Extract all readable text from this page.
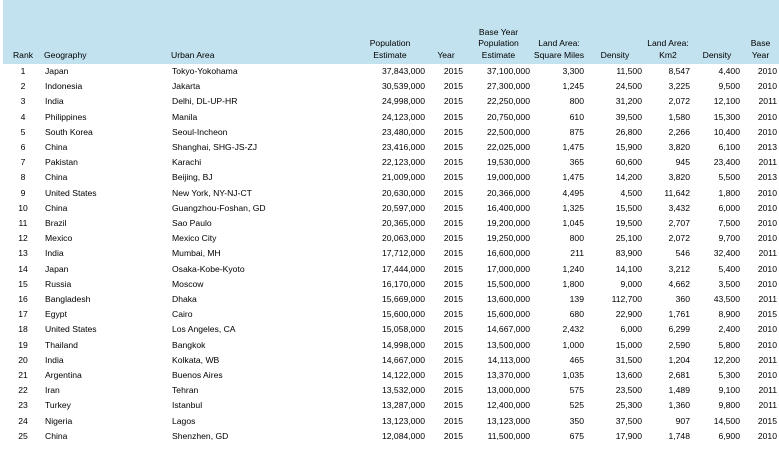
Rank	Geography	Urban Area	Population Estimate	Year	Base Year Population Estimate	Land Area: Square Miles	Density	Land Area: Km2	Density	Base Year
1	Japan	Tokyo-Yokohama	37,843,000	2015	37,100,000	3,300	11,500	8,547	4,400	2010
2	Indonesia	Jakarta	30,539,000	2015	27,300,000	1,245	24,500	3,225	9,500	2010
3	India	Delhi, DL-UP-HR	24,998,000	2015	22,250,000	800	31,200	2,072	12,100	2011
4	Philippines	Manila	24,123,000	2015	20,750,000	610	39,500	1,580	15,300	2010
5	South Korea	Seoul-Incheon	23,480,000	2015	22,500,000	875	26,800	2,266	10,400	2010
6	China	Shanghai, SHG-JS-ZJ	23,416,000	2015	22,025,000	1,475	15,900	3,820	6,100	2013
7	Pakistan	Karachi	22,123,000	2015	19,530,000	365	60,600	945	23,400	2011
8	China	Beijing, BJ	21,009,000	2015	19,000,000	1,475	14,200	3,820	5,500	2013
9	United States	New York, NY-NJ-CT	20,630,000	2015	20,366,000	4,495	4,500	11,642	1,800	2010
10	China	Guangzhou-Foshan, GD	20,597,000	2015	16,400,000	1,325	15,500	3,432	6,000	2010
11	Brazil	Sao Paulo	20,365,000	2015	19,200,000	1,045	19,500	2,707	7,500	2010
12	Mexico	Mexico City	20,063,000	2015	19,250,000	800	25,100	2,072	9,700	2010
13	India	Mumbai, MH	17,712,000	2015	16,600,000	211	83,900	546	32,400	2011
14	Japan	Osaka-Kobe-Kyoto	17,444,000	2015	17,000,000	1,240	14,100	3,212	5,400	2010
15	Russia	Moscow	16,170,000	2015	15,500,000	1,800	9,000	4,662	3,500	2010
16	Bangladesh	Dhaka	15,669,000	2015	13,600,000	139	112,700	360	43,500	2011
17	Egypt	Cairo	15,600,000	2015	15,600,000	680	22,900	1,761	8,900	2015
18	United States	Los Angeles, CA	15,058,000	2015	14,667,000	2,432	6,000	6,299	2,400	2010
19	Thailand	Bangkok	14,998,000	2015	13,500,000	1,000	15,000	2,590	5,800	2010
20	India	Kolkata, WB	14,667,000	2015	14,113,000	465	31,500	1,204	12,200	2011
21	Argentina	Buenos Aires	14,122,000	2015	13,370,000	1,035	13,600	2,681	5,300	2010
22	Iran	Tehran	13,532,000	2015	13,000,000	575	23,500	1,489	9,100	2011
23	Turkey	Istanbul	13,287,000	2015	12,400,000	525	25,300	1,360	9,800	2011
24	Nigeria	Lagos	13,123,000	2015	13,123,000	350	37,500	907	14,500	2015
25	China	Shenzhen, GD	12,084,000	2015	11,500,000	675	17,900	1,748	6,900	2010
